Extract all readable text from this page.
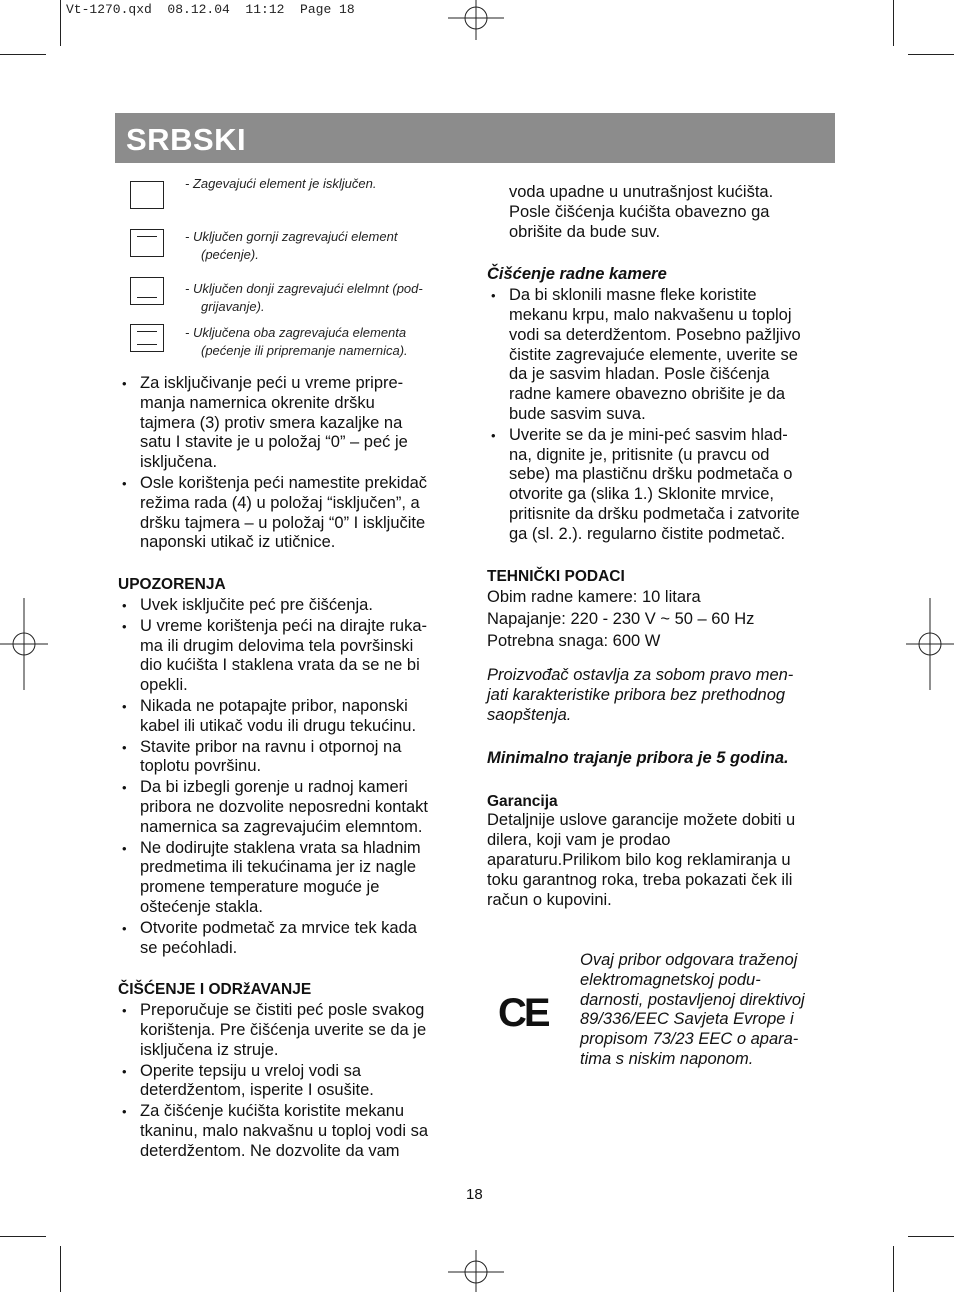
Vt-1270.qxd  08.12.04  11:12  Page 18
SRBSKI
- Zagevajući element je isključen.
- Uključen gornji zagrevajući element
(pećenje).
- Uključen donji zagrevajući elelmnt (pod-
grijavanje).
- Uključena oba zagrevajuća elementa
(pećenje ili pripremanje namernica).
• Za isključivanje peći u vreme pripre-
manja namernica okrenite dršku
tajmera (3) protiv smera kazaljke na
satu I stavite je u položaj “0” – peć je
isključena.
• Osle korištenja peći namestite prekidač
režima rada (4) u položaj “isključen”, a
dršku tajmera – u položaj “0” I isključite
naponski utikač iz utičnice.
UPOZORENJA
• Uvek isključite peć pre čišćenja.
• U vreme korištenja peći na dirajte ruka-
ma ili drugim delovima tela površinski
dio kućišta I staklena vrata da se ne bi
opekli.
• Nikada ne potapajte pribor, naponski
kabel ili utikač vodu ili drugu tekućinu.
• Stavite pribor na ravnu i otpornoj na
toplotu površinu.
• Da bi izbegli gorenje u radnoj kameri
pribora ne dozvolite neposredni kontakt
namernica sa zagrevajućim elemntom.
• Ne dodirujte staklena vrata sa hladnim
predmetima ili tekućinama jer iz nagle
promene temperature moguće je
oštećenje stakla.
• Otvorite podmetač za mrvice tek kada
se pećohladi.
ČIŠĆENJE I ODRžAVANJE
• Preporučuje se čistiti peć posle svakog
korištenja. Pre čišćenja uverite se da je
isključena iz struje.
• Operite tepsiju u vreloj vodi sa
deterdžentom, isperite I osušite.
• Za čišćenje kućišta koristite mekanu
tkaninu, malo nakvašnu u toploj vodi sa
deterdžentom. Ne dozvolite da vam
voda upadne u unutrašnjost kućišta.
Posle čišćenja kućišta obavezno ga
obrišite da bude suv.
Čišćenje radne kamere
• Da bi sklonili masne fleke koristite
mekanu krpu, malo nakvašenu u toploj
vodi sa deterdžentom. Posebno pažljivo
čistite zagrevajuće elemente, uverite se
da je sasvim hladan. Posle čišćenja
radne kamere obavezno obrišite je da
bude sasvim suva.
• Uverite se da je mini-peć sasvim hlad-
na, dignite je, pritisnite (u pravcu od
sebe) ma plastičnu dršku podmetača o
otvorite ga (slika 1.) Sklonite mrvice,
pritisnite da dršku podmetača i zatvorite
ga (sl. 2.). regularno čistite podmetač.
TEHNIČKI PODACI
Obim radne kamere: 10 litara
Napajanje: 220 - 230 V ~ 50 – 60 Hz
Potrebna snaga: 600 W
Proizvođač ostavlja za sobom pravo men-
jati karakteristike pribora bez prethodnog
saopštenja.
Minimalno trajanje pribora je 5 godina.
Garancija
Detaljnije uslove garancije možete dobiti u
dilera, koji vam je prodao
aparaturu.Prilikom bilo kog reklamiranja u
toku garantnog roka, treba pokazati ček ili
račun o kupovini.
CE
Ovaj pribor odgovara traženoj
elektromagnetskoj podu-
darnosti, postavljenoj direktivoj
89/336/EEC Savjeta Evrope i
propisom 73/23 EEC o apara-
tima s niskim naponom.
18
